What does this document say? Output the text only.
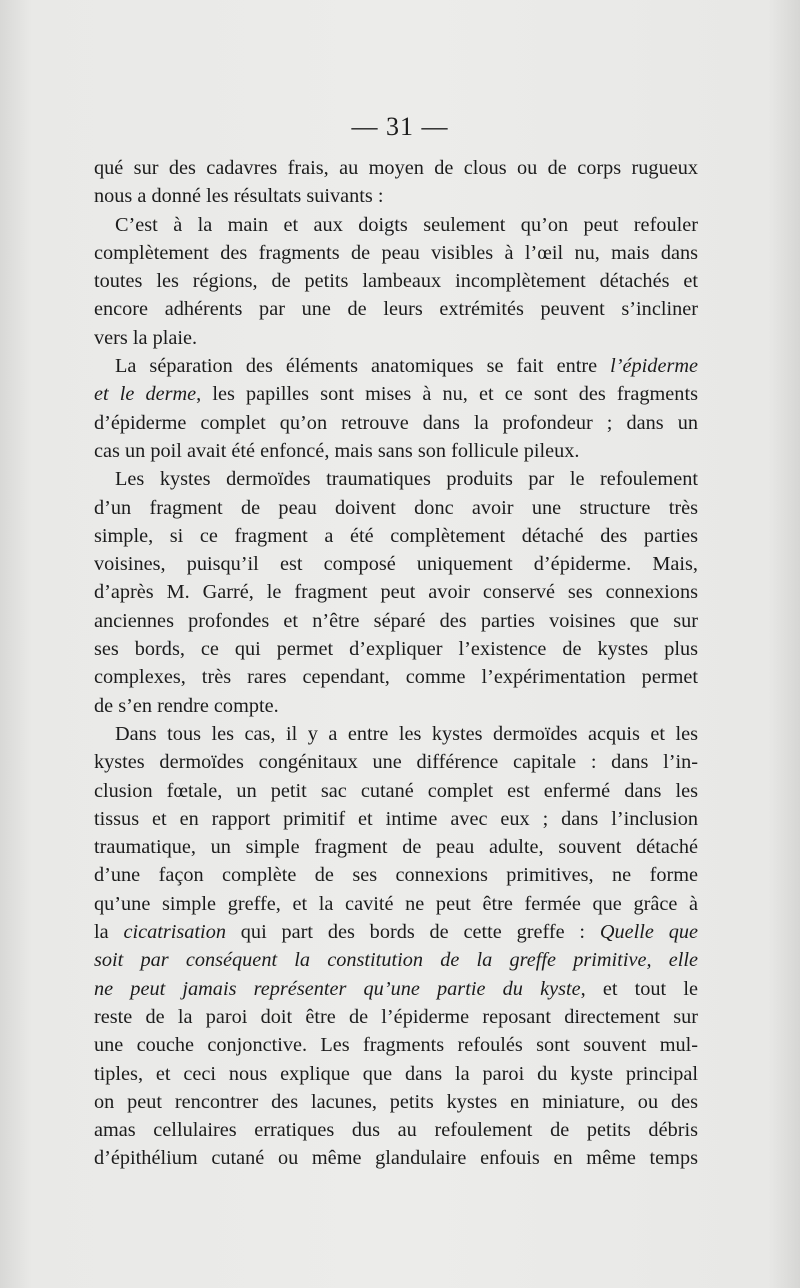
— 31 —
qué sur des cadavres frais, au moyen de clous ou de corps rugueux
nous a donné les résultats suivants :
C’est à la main et aux doigts seulement qu’on peut refouler
complètement des fragments de peau visibles à l’œil nu, mais dans
toutes les régions, de petits lambeaux incomplètement détachés et
encore adhérents par une de leurs extrémités peuvent s’incliner
vers la plaie.
La séparation des éléments anatomiques se fait entre l’épiderme
et le derme, les papilles sont mises à nu, et ce sont des fragments
d’épiderme complet qu’on retrouve dans la profondeur ; dans un
cas un poil avait été enfoncé, mais sans son follicule pileux.
Les kystes dermoïdes traumatiques produits par le refoulement
d’un fragment de peau doivent donc avoir une structure très
simple, si ce fragment a été complètement détaché des parties
voisines, puisqu’il est composé uniquement d’épiderme. Mais,
d’après M. Garré, le fragment peut avoir conservé ses connexions
anciennes profondes et n’être séparé des parties voisines que sur
ses bords, ce qui permet d’expliquer l’existence de kystes plus
complexes, très rares cependant, comme l’expérimentation permet
de s’en rendre compte.
Dans tous les cas, il y a entre les kystes dermoïdes acquis et les
kystes dermoïdes congénitaux une différence capitale : dans l’in-
clusion fœtale, un petit sac cutané complet est enfermé dans les
tissus et en rapport primitif et intime avec eux ; dans l’inclusion
traumatique, un simple fragment de peau adulte, souvent détaché
d’une façon complète de ses connexions primitives, ne forme
qu’une simple greffe, et la cavité ne peut être fermée que grâce à
la cicatrisation qui part des bords de cette greffe : Quelle que
soit par conséquent la constitution de la greffe primitive, elle
ne peut jamais représenter qu’une partie du kyste, et tout le
reste de la paroi doit être de l’épiderme reposant directement sur
une couche conjonctive. Les fragments refoulés sont souvent mul-
tiples, et ceci nous explique que dans la paroi du kyste principal
on peut rencontrer des lacunes, petits kystes en miniature, ou des
amas cellulaires erratiques dus au refoulement de petits débris
d’épithélium cutané ou même glandulaire enfouis en même temps
